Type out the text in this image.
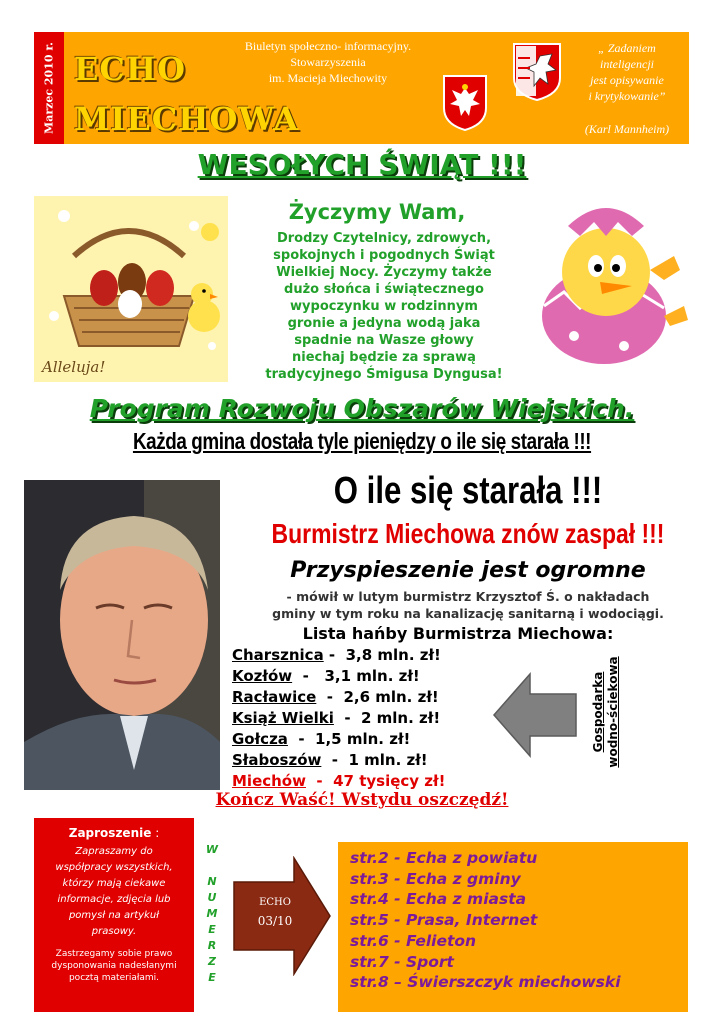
Marzec 2010 r. ECHO
MIECHOWA
Biuletyn społeczno- informacyjny.
Stowarzyszenia
im. Macieja Miechowity
„ Zadaniem
inteligencji
jest opisywanie
i krytykowanie”
(Karl Mannheim)
WESOŁYCH ŚWIĄT !!!
Alleluja!
Życzymy Wam,
Drodzy Czytelnicy, zdrowych,
spokojnych i pogodnych Świąt
Wielkiej Nocy. Życzymy także
dużo słońca i świątecznego
wypoczynku w rodzinnym
gronie a jedyna wodą jaka
spadnie na Wasze głowy
niechaj będzie za sprawą
tradycyjnego Śmigusa Dyngusa!
Program Rozwoju Obszarów Wiejskich.
Każda gmina dostała tyle pieniędzy o ile się starała !!!
O ile się starała !!!
Burmistrz Miechowa znów zaspał !!!
Przyspieszenie jest ogromne
- mówił w lutym burmistrz Krzysztof Ś. o nakładach
gminy w tym roku na kanalizację sanitarną i wodociągi.
Lista hańby Burmistrza Miechowa:
Charsznica -  3,8 mln. zł!
Kozłów  -   3,1 mln. zł!
Racławice  -  2,6 mln. zł!
Książ Wielki  -  2 mln. zł!
Gołcza  -  1,5 mln. zł!
Słaboszów  -  1 mln. zł!
Miechów  -  47 tysięcy zł!
Gospodarka wodno-ściekowa
Kończ Waść! Wstydu oszczędź!
Zaproszenie :
Zapraszamy do
współpracy wszystkich,
którzy mają ciekawe
informacje, zdjęcia lub
pomysł na artykuł
prasowy.
Zastrzegamy sobie prawo
dysponowania nadesłanymi
pocztą materiałami.
W
N
U
M
E
R
Z
E
ECHO
03/10
str.2 - Echa z powiatu
str.3 - Echa z gminy
str.4 - Echa z miasta
str.5 - Prasa, Internet
str.6 - Felieton
str.7 - Sport
str.8 – Świerszczyk miechowski
